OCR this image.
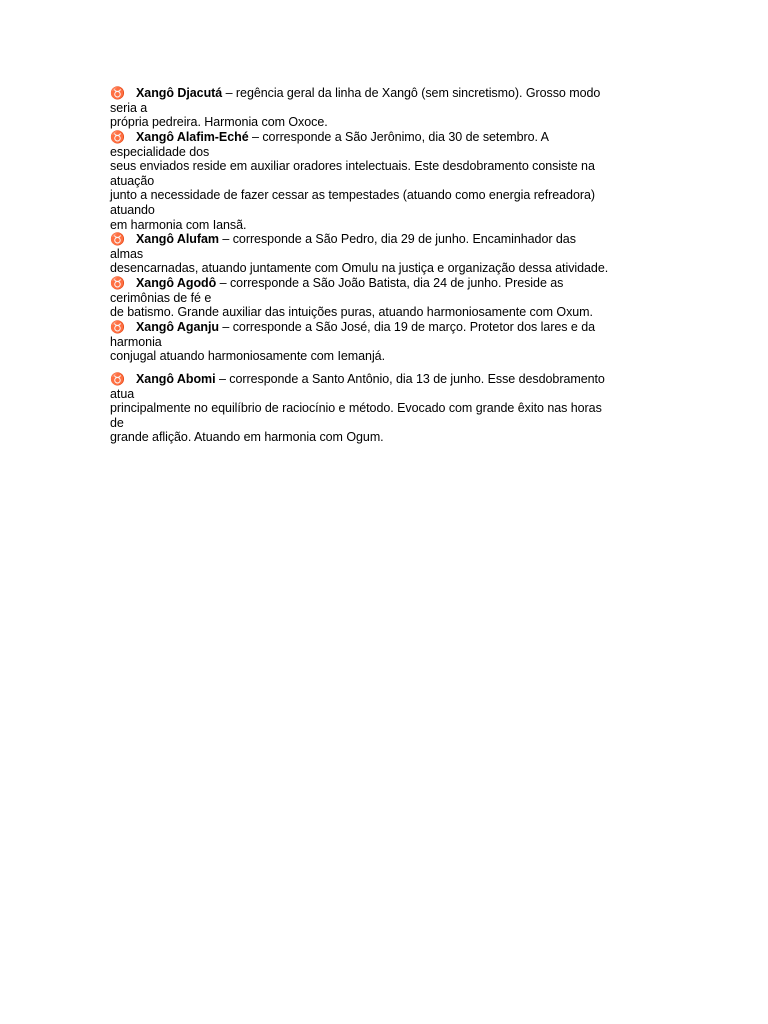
♉ Xangô Djacutá – regência geral da linha de Xangô (sem sincretismo). Grosso modo
seria a
própria pedreira. Harmonia com Oxoce.
♉ Xangô Alafim-Eché – corresponde a São Jerônimo, dia 30 de setembro. A
especialidade dos
seus enviados reside em auxiliar oradores intelectuais. Este desdobramento consiste na
atuação
junto a necessidade de fazer cessar as tempestades (atuando como energia refreadora)
atuando
em harmonia com Iansã.
♉ Xangô Alufam – corresponde a São Pedro, dia 29 de junho. Encaminhador das
almas
desencarnadas, atuando juntamente com Omulu na justiça e organização dessa atividade.
♉ Xangô Agodô – corresponde a São João Batista, dia 24 de junho. Preside as
cerimônias de fé e
de batismo. Grande auxiliar das intuições puras, atuando harmoniosamente com Oxum.
♉ Xangô Aganju – corresponde a São José, dia 19 de março. Protetor dos lares e da
harmonia
conjugal atuando harmoniosamente com Iemanjá.
♉ Xangô Abomi – corresponde a Santo Antônio, dia 13 de junho. Esse desdobramento
atua
principalmente no equilíbrio de raciocínio e método. Evocado com grande êxito nas horas
de
grande aflição. Atuando em harmonia com Ogum.
